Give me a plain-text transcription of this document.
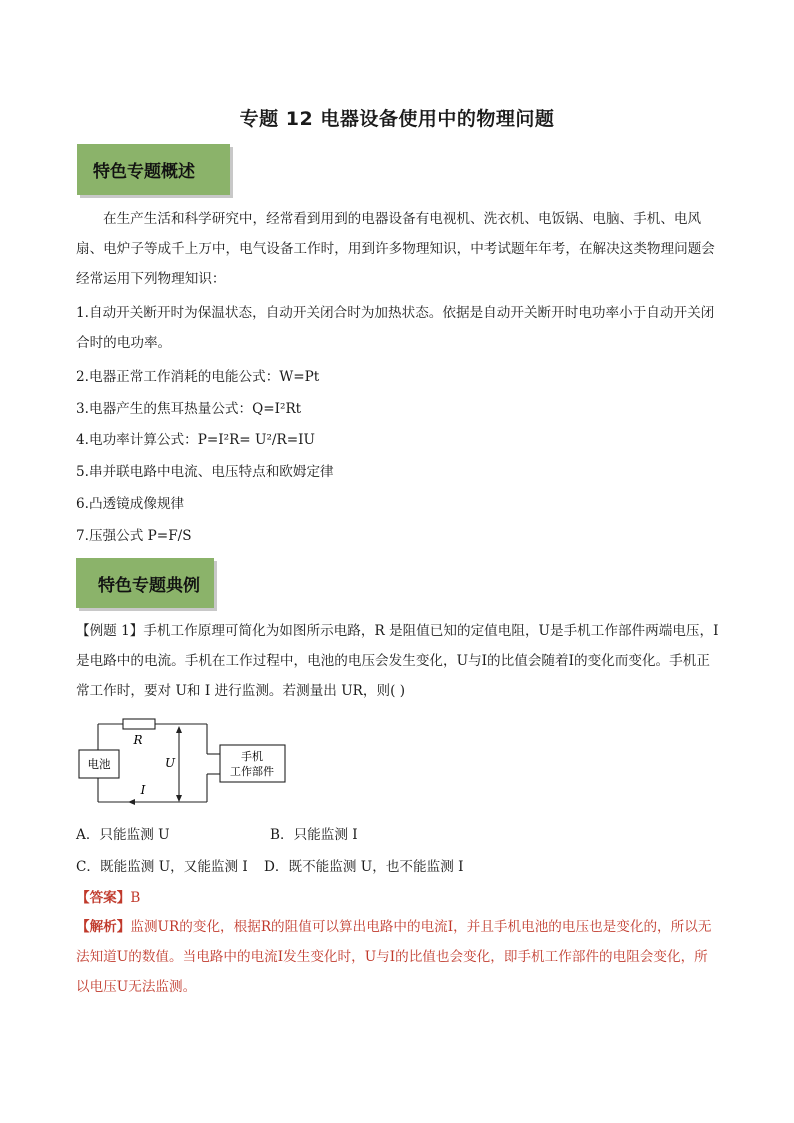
专题 12 电器设备使用中的物理问题
特色专题概述
在生产生活和科学研究中，经常看到用到的电器设备有电视机、洗衣机、电饭锅、电脑、手机、电风扇、电炉子等成千上万中，电气设备工作时，用到许多物理知识，中考试题年年考，在解决这类物理问题会经常运用下列物理知识：
1.自动开关断开时为保温状态，自动开关闭合时为加热状态。依据是自动开关断开时电功率小于自动开关闭合时的电功率。
2.电器正常工作消耗的电能公式：W=Pt
3.电器产生的焦耳热量公式：Q=I²Rt
4.电功率计算公式：P=I²R= U²/R=IU
5.串并联电路中电流、电压特点和欧姆定律
6.凸透镜成像规律
7.压强公式 P=F/S
特色专题典例
【例题 1】手机工作原理可简化为如图所示电路，R 是阻值已知的定值电阻，U是手机工作部件两端电压，I是电路中的电流。手机在工作过程中，电池的电压会发生变化，U与I的比值会随着I的变化而变化。手机正常工作时，要对 U和 I 进行监测。若测量出 UR，则( )
电池
R
U
I
手机
工作部件
A．只能监测 U	B．只能监测 I
C．既能监测 U，又能监测 I D．既不能监测 U，也不能监测 I
【答案】B
【解析】监测UR的变化，根据R的阻值可以算出电路中的电流I，并且手机电池的电压也是变化的，所以无法知道U的数值。当电路中的电流I发生变化时，U与I的比值也会变化，即手机工作部件的电阻会变化，所以电压U无法监测。
